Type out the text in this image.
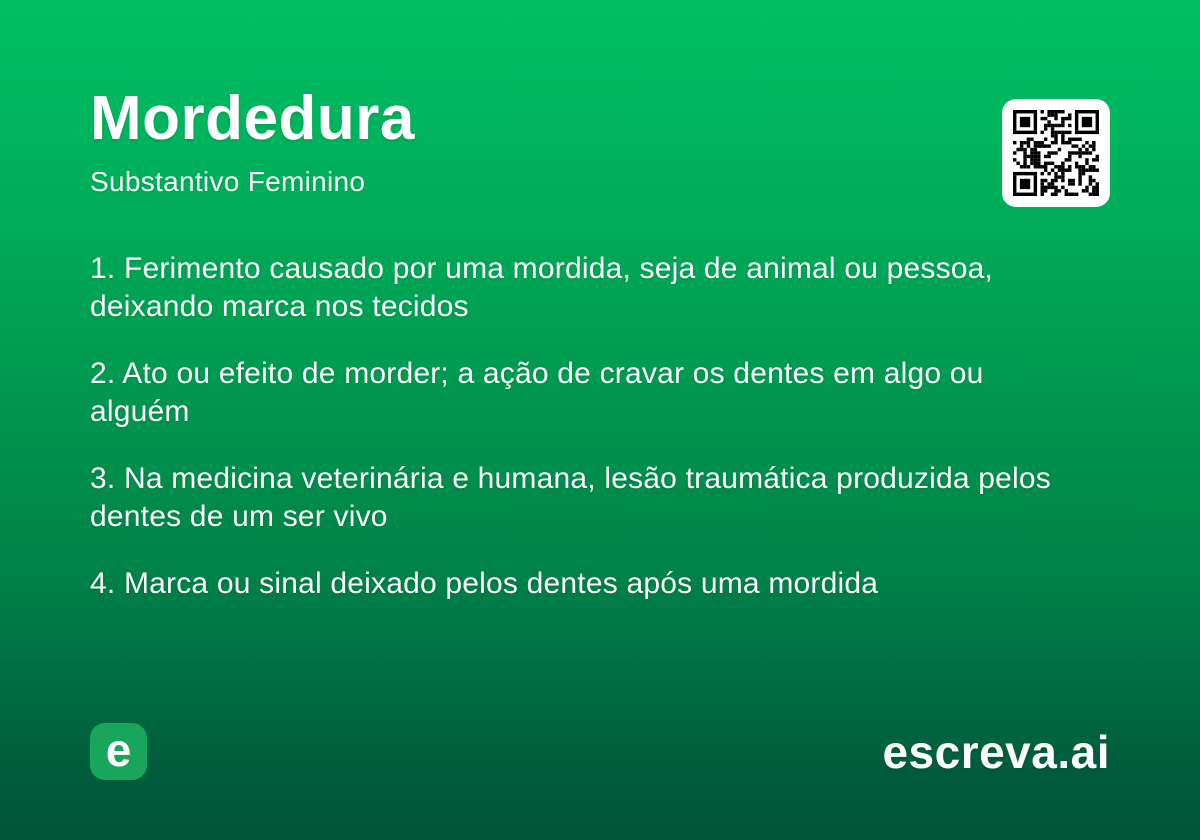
Mordedura

Substantivo Feminino

1. Ferimento causado por uma mordida, seja de animal ou pessoa, deixando marca nos tecidos

2. Ato ou efeito de morder; a ação de cravar os dentes em algo ou alguém

3. Na medicina veterinária e humana, lesão traumática produzida pelos dentes de um ser vivo

4. Marca ou sinal deixado pelos dentes após uma mordida

e	escreva.ai
